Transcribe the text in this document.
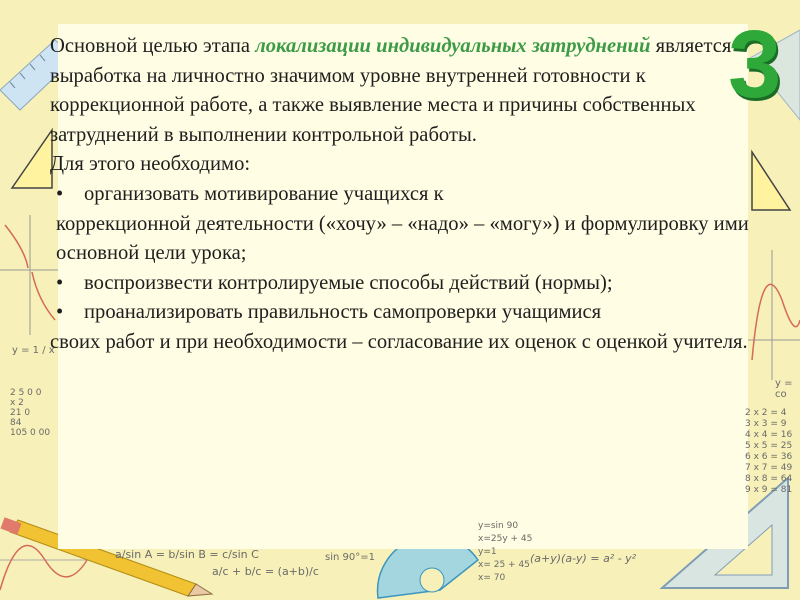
3
y = 1 / x
2 5 0 0
x 2
21 0
84
105 0 00
y = co
2 x 2 = 4
3 x 3 = 9
4 x 4 = 16
5 x 5 = 25
6 x 6 = 36
7 x 7 = 49
8 x 8 = 64
9 x 9 = 81
a/sin A = b/sin B = c/sin C
a/c + b/c = (a+b)/c
sin 90°=1
y=sin 90
x=25y + 45
y=1
x= 25 + 45
x= 70
(a+y)(a-y) = a² - y²

Основной целью этапа локализации индивидуальных затруднений является выработка на личностно значимом уровне внутренней готовности к коррекционной работе, а также выявление места и причины собственных затруднений в выполнении контрольной работы.

Для этого необходимо:

•	организовать мотивирование учащихся к

коррекционной деятельности («хочу» – «надо» – «могу») и формулировку ими основной цели урока;

•	воспроизвести контролируемые способы действий (нормы);
•	проанализировать правильность самопроверки учащимися

своих работ и при необходимости – согласование их оценок с оценкой учителя.
